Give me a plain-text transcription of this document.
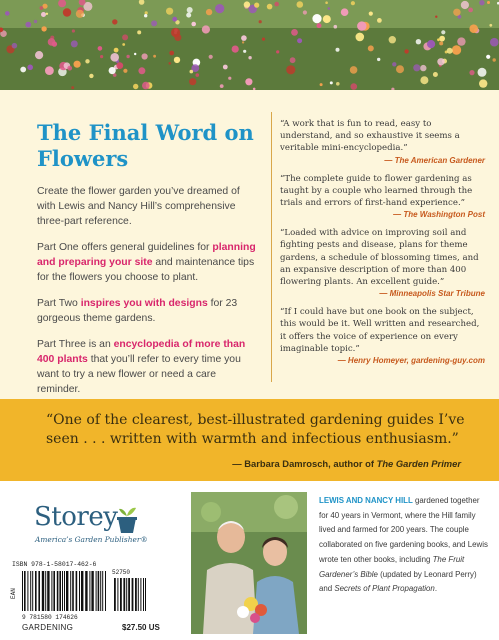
The Final Word on
Flowers

Create the flower garden you’ve dreamed of with Lewis and Nancy Hill’s comprehensive three-part reference.

Part One offers general guidelines for planning and preparing your site and maintenance tips for the flowers you choose to plant.

Part Two inspires you with designs for 23 gorgeous theme gardens.

Part Three is an encyclopedia of more than 400 plants that you’ll refer to every time you want to try a new flower or need a care reminder.

“A work that is fun to read, easy to understand, and so exhaustive it seems a veritable mini-encyclopedia.”
— The American Gardener
“The complete guide to flower gardening as taught by a couple who learned through the trials and errors of first-hand experience.”
— The Washington Post
“Loaded with advice on improving soil and fighting pests and disease, plans for theme gardens, a schedule of blossoming times, and an expansive description of more than 400 flowering plants. An excellent guide.”
— Minneapolis Star Tribune
“If I could have but one book on the subject, this would be it. Well written and researched, it offers the voice of experience on every imaginable topic.”
— Henry Homeyer, gardening-guy.com
“One of the clearest, best-illustrated gardening guides I’ve seen . . . written with warmth and infectious enthusiasm.”
— Barbara Damrosch, author of The Garden Primer
Storey
America’s Garden Publisher®
ISBN 978-1-58017-462-6
EAN
52750
9 781580 174626
GARDENING	$27.50 US
LEWIS AND NANCY HILL gardened together for 40 years in Vermont, where the Hill family lived and farmed for 200 years. The couple collaborated on five gardening books, and Lewis wrote ten other books, including The Fruit Gardener’s Bible (updated by Leonard Perry) and Secrets of Plant Propagation.
